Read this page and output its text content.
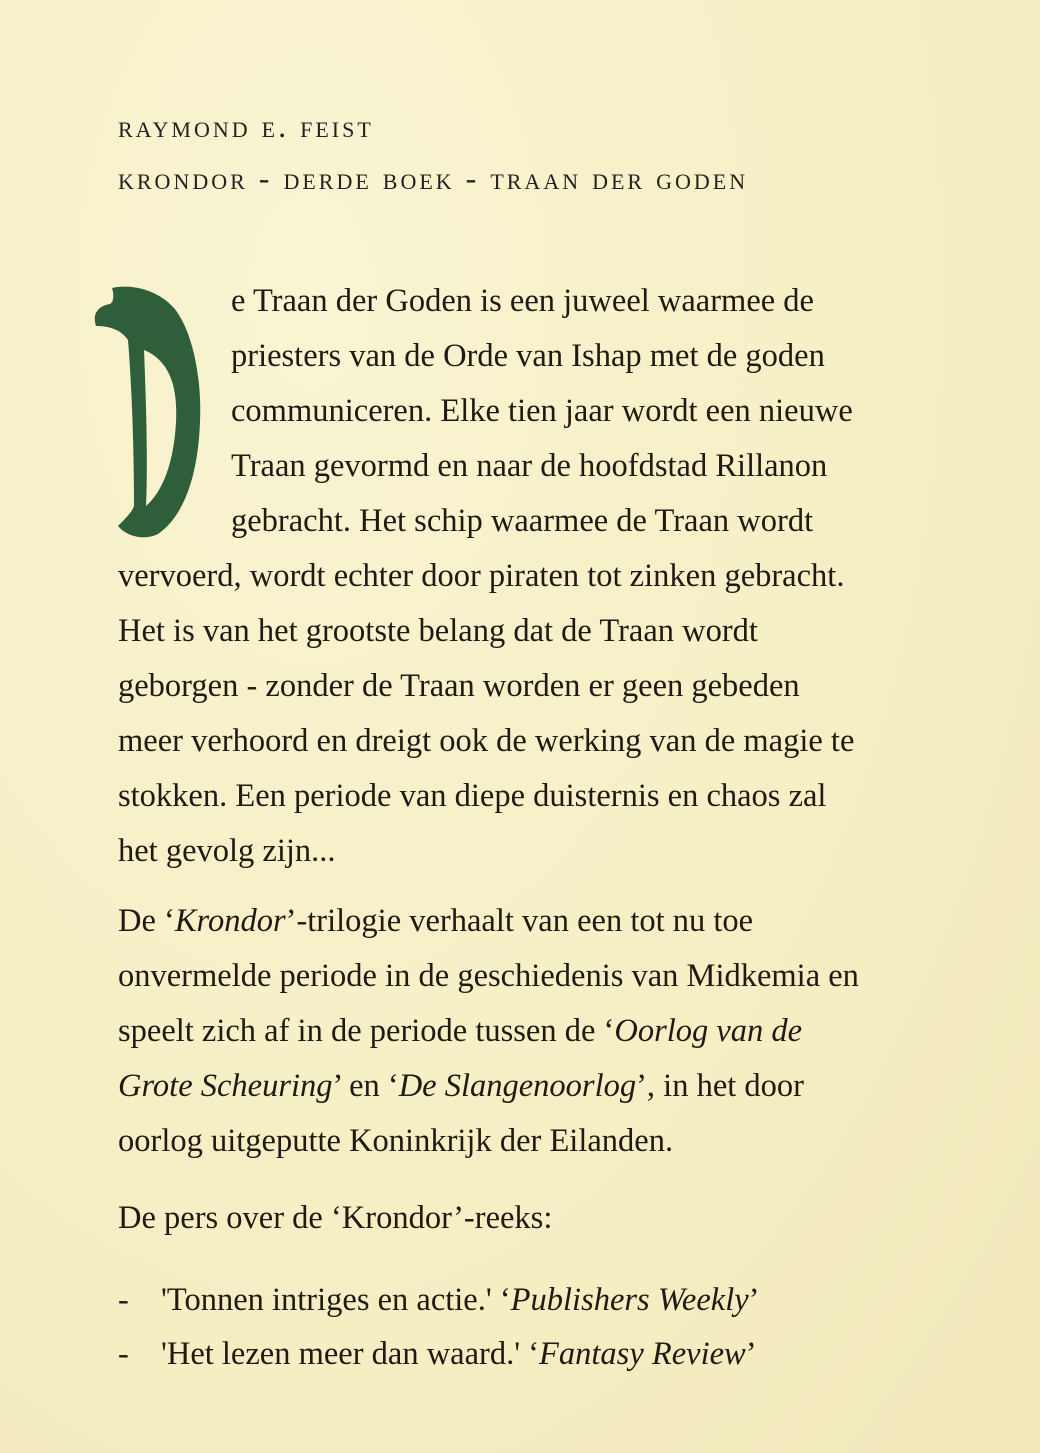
raymond e. feist
krondor - derde boek - traan der goden
e Traan der Goden is een juweel waarmee de
priesters van de Orde van Ishap met de goden
communiceren. Elke tien jaar wordt een nieuwe
Traan gevormd en naar de hoofdstad Rillanon
gebracht. Het schip waarmee de Traan wordt
vervoerd, wordt echter door piraten tot zinken gebracht.
Het is van het grootste belang dat de Traan wordt
geborgen - zonder de Traan worden er geen gebeden
meer verhoord en dreigt ook de werking van de magie te
stokken. Een periode van diepe duisternis en chaos zal
het gevolg zijn...
De ‘Krondor’-trilogie verhaalt van een tot nu toe
onvermelde periode in de geschiedenis van Midkemia en
speelt zich af in de periode tussen de ‘Oorlog van de
Grote Scheuring’ en ‘De Slangenoorlog’, in het door
oorlog uitgeputte Koninkrijk der Eilanden.
De pers over de ‘Krondor’-reeks:
- 'Tonnen intriges en actie.' ‘Publishers Weekly’
- 'Het lezen meer dan waard.' ‘Fantasy Review’
